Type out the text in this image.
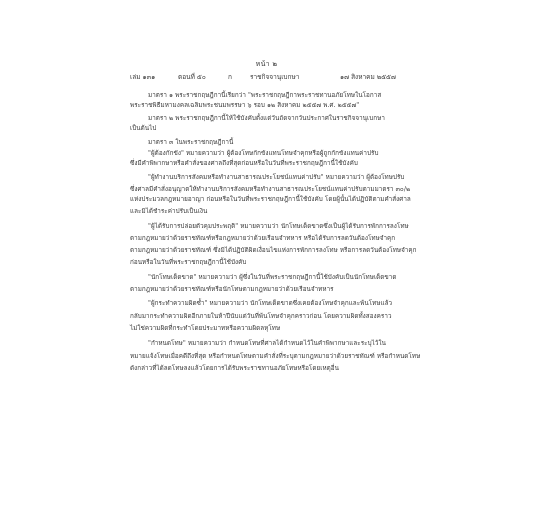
หน้า ๒
เล่ม ๑๓๑	ตอนที่ ๕๐	ก	ราชกิจจานุเบกษา	๑๗ สิงหาคม ๒๕๕๗
มาตรา ๑ พระราชกฤษฎีกานี้เรียกว่า "พระราชกฤษฎีกาพระราชทานอภัยโทษในโอกาส
พระราชพิธีมหามงคลเฉลิมพระชนมพรรษา ๖ รอบ ๑๒ สิงหาคม ๒๕๕๗ พ.ศ. ๒๕๕๗"
มาตรา ๒ พระราชกฤษฎีกานี้ให้ใช้บังคับตั้งแต่วันถัดจากวันประกาศในราชกิจจานุเบกษา
เป็นต้นไป
มาตรา ๓ ในพระราชกฤษฎีกานี้
"ผู้ต้องกักขัง" หมายความว่า ผู้ต้องโทษกักขังแทนโทษจำคุกหรือผู้ถูกกักขังแทนค่าปรับ
ซึ่งมีคำพิพากษาหรือคำสั่งของศาลถึงที่สุดก่อนหรือในวันที่พระราชกฤษฎีกานี้ใช้บังคับ
"ผู้ทำงานบริการสังคมหรือทำงานสาธารณประโยชน์แทนค่าปรับ" หมายความว่า ผู้ต้องโทษปรับ
ซึ่งศาลมีคำสั่งอนุญาตให้ทำงานบริการสังคมหรือทำงานสาธารณประโยชน์แทนค่าปรับตามมาตรา ๓๐/๒
แห่งประมวลกฎหมายอาญา ก่อนหรือในวันที่พระราชกฤษฎีกานี้ใช้บังคับ โดยผู้นั้นได้ปฏิบัติตามคำสั่งศาล
และมิได้ชำระค่าปรับเป็นเงิน
"ผู้ได้รับการปล่อยตัวคุมประพฤติ" หมายความว่า นักโทษเด็ดขาดซึ่งเป็นผู้ได้รับการพักการลงโทษ
ตามกฎหมายว่าด้วยราชทัณฑ์หรือกฎหมายว่าด้วยเรือนจำทหาร หรือได้รับการลดวันต้องโทษจำคุก
ตามกฎหมายว่าด้วยราชทัณฑ์ ซึ่งมิได้ปฏิบัติผิดเงื่อนไขแห่งการพักการลงโทษ หรือการลดวันต้องโทษจำคุก
ก่อนหรือในวันที่พระราชกฤษฎีกานี้ใช้บังคับ
"นักโทษเด็ดขาด" หมายความว่า ผู้ซึ่งในวันที่พระราชกฤษฎีกานี้ใช้บังคับเป็นนักโทษเด็ดขาด
ตามกฎหมายว่าด้วยราชทัณฑ์หรือนักโทษตามกฎหมายว่าด้วยเรือนจำทหาร
"ผู้กระทำความผิดซ้ำ" หมายความว่า นักโทษเด็ดขาดซึ่งเคยต้องโทษจำคุกและพ้นโทษแล้ว
กลับมากระทำความผิดอีกภายในห้าปีนับแต่วันที่พ้นโทษจำคุกคราวก่อน โดยความผิดทั้งสองคราว
ไม่ใช่ความผิดที่กระทำโดยประมาทหรือความผิดลหุโทษ
"กำหนดโทษ" หมายความว่า กำหนดโทษที่ศาลได้กำหนดไว้ในคำพิพากษาและระบุไว้ใน
หมายแจ้งโทษเมื่อคดีถึงที่สุด หรือกำหนดโทษตามคำสั่งที่ระบุตามกฎหมายว่าด้วยราชทัณฑ์ หรือกำหนดโทษ
ดังกล่าวที่ได้ลดโทษลงแล้วโดยการได้รับพระราชทานอภัยโทษหรือโดยเหตุอื่น
